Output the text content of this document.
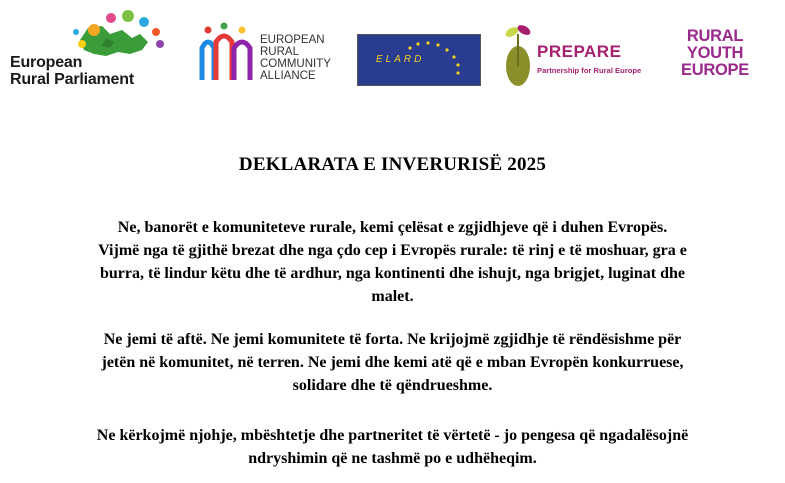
European
Rural Parliament
EUROPEAN
RURAL
COMMUNITY
ALLIANCE
ELARD	PREPARE
Partnership for Rural Europe
RURAL
YOUTH
EUROPE
DEKLARATA E INVERURISË 2025
Ne, banorët e komuniteteve rurale, kemi çelësat e zgjidhjeve që i duhen Evropës.
Vijmë nga të gjithë brezat dhe nga çdo cep i Evropës rurale: të rinj e të moshuar, gra e
burra, të lindur këtu dhe të ardhur, nga kontinenti dhe ishujt, nga brigjet, luginat dhe
malet.
Ne jemi të aftë. Ne jemi komunitete të forta. Ne krijojmë zgjidhje të rëndësishme për
jetën në komunitet, në terren. Ne jemi dhe kemi atë që e mban Evropën konkurruese,
solidare dhe të qëndrueshme.
Ne kërkojmë njohje, mbështetje dhe partneritet të vërtetë - jo pengesa që ngadalësojnë
ndryshimin që ne tashmë po e udhëheqim.
